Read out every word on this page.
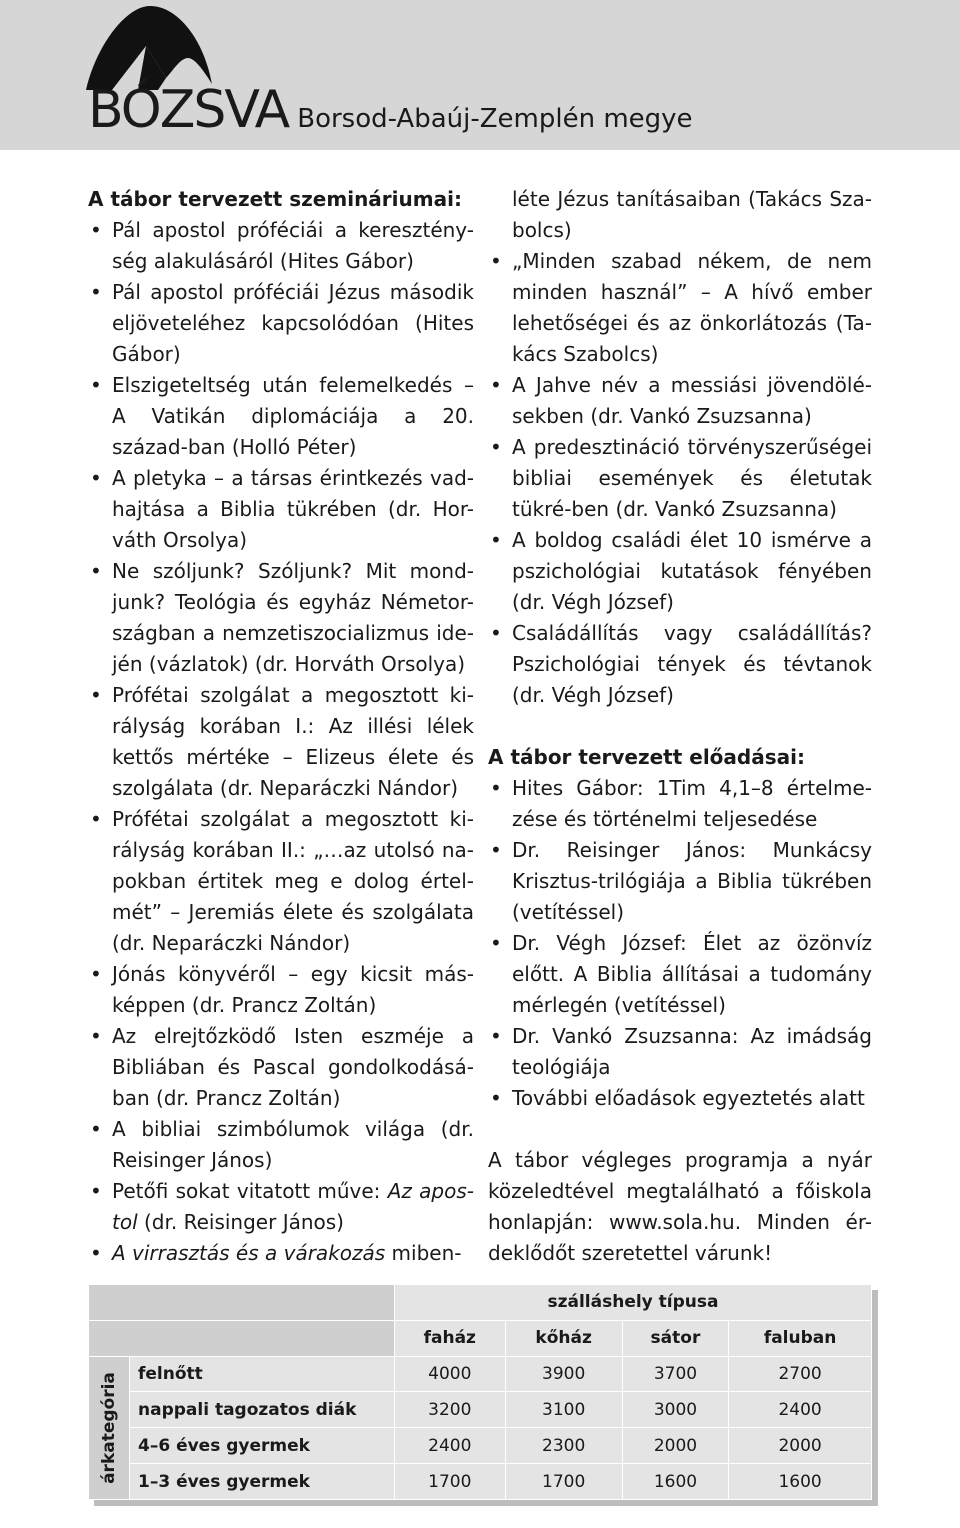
BÓZSVA Borsod-Abaúj-Zemplén megye
A tábor tervezett szemináriumai:
• Pál apostol próféciái a keresztény-ség alakulásáról (Hites Gábor)
• Pál apostol próféciái Jézus második eljöveteléhez kapcsolódóan (Hites Gábor)
• Elszigeteltség után felemelkedés – A Vatikán diplomáciája a 20. század-ban (Holló Péter)
• A pletyka – a társas érintkezés vad-hajtása a Biblia tükrében (dr. Hor-váth Orsolya)
• Ne szóljunk? Szóljunk? Mit mond-junk? Teológia és egyház Németor-szágban a nemzetiszocializmus ide-jén (vázlatok) (dr. Horváth Orsolya)
• Prófétai szolgálat a megosztott ki-rályság korában I.: Az illési lélek kettős mértéke – Elizeus élete és szolgálata (dr. Neparáczki Nándor)
• Prófétai szolgálat a megosztott ki-rályság korában II.: „…az utolsó na-pokban értitek meg e dolog értel-mét” – Jeremiás élete és szolgálata (dr. Neparáczki Nándor)
• Jónás könyvéről – egy kicsit más-képpen (dr. Prancz Zoltán)
• Az elrejtőzködő Isten eszméje a Bibliában és Pascal gondolkodásá-ban (dr. Prancz Zoltán)
• A bibliai szimbólumok világa (dr. Reisinger János)
• Petőfi sokat vitatott műve: Az apos-tol (dr. Reisinger János)
• A virrasztás és a várakozás miben-
léte Jézus tanításaiban (Takács Sza-bolcs)
• „Minden szabad nékem, de nem minden használ” – A hívő ember lehetőségei és az önkorlátozás (Ta-kács Szabolcs)
• A Jahve név a messiási jövendölé-sekben (dr. Vankó Zsuzsanna)
• A predesztináció törvényszerűségei bibliai események és életutak tükré-ben (dr. Vankó Zsuzsanna)
• A boldog családi élet 10 ismérve a pszichológiai kutatások fényében (dr. Végh József)
• Családállítás vagy családállítás? Pszichológiai tények és tévtanok (dr. Végh József)
A tábor tervezett előadásai:
• Hites Gábor: 1Tim 4,1–8 értelme-zése és történelmi teljesedése
• Dr. Reisinger János: Munkácsy Krisztus-trilógiája a Biblia tükrében (vetítéssel)
• Dr. Végh József: Élet az özönvíz előtt. A Biblia állításai a tudomány mérlegén (vetítéssel)
• Dr. Vankó Zsuzsanna: Az imádság teológiája
• További előadások egyeztetés alatt
A tábor végleges programja a nyár közeledtével megtalálható a főiskola honlapján: www.sola.hu. Minden ér-deklődőt szeretettel várunk!
		szálláshely típusa			
		faház	kőház	sátor	faluban

árkategória	felnőtt	4000	3900	3700	2700
	nappali tagozatos diák	3200	3100	3000	2400
	4–6 éves gyermek	2400	2300	2000	2000
	1–3 éves gyermek	1700	1700	1600	1600
